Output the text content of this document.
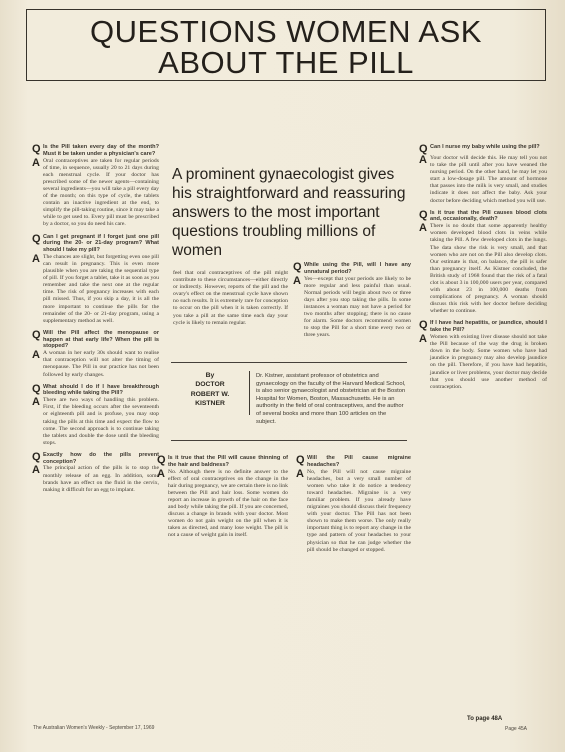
QUESTIONS WOMEN ASK
ABOUT THE PILL
A prominent gynaecologist gives his straightforward and reassuring answers to the most important questions troubling millions of women
Q Is the Pill taken every day of the month? Must it be taken under a physician's care?
A Oral contraceptives are taken for regular periods of time, in sequence, usually 20 to 21 days during each menstrual cycle. If your doctor has prescribed some of the newer agents—containing several ingredients—you will take a pill every day of the month; on this type of cycle, the tablets contain an inactive ingredient at the end, to simplify the pill-taking routine, since it may take a while to get used to. Every pill must be prescribed by a doctor, so you do need his care.
Q Can I get pregnant if I forget just one pill during the 20- or 21-day program? What should I take my pill?
A The chances are slight, but forgetting even one pill can result in pregnancy. This is even more plausible when you are taking the sequential type of pill. If you forget a tablet, take it as soon as you remember and take the next one at the regular time. The risk of pregnancy increases with each pill missed. Thus, if you skip a day, it is all the more important to continue the pills for the remainder of the 20- or 21-day program, using a supplementary method as well.
Q Will the Pill affect the menopause or happen at that early life? When the pill is stopped?
A A woman in her early 30s should want to realise that contraception will not alter the timing of menopause. The Pill in our practice has not been followed by early changes.
Q What should I do if I have breakthrough bleeding while taking the Pill?
A There are two ways of handling this problem. First, if the bleeding occurs after the seventeenth or eighteenth pill and is profuse, you may stop taking the pills at this time and expect the flow to come. The second approach is to continue taking the tablets and double the dose until the bleeding stops.
Q Exactly how do the pills prevent conception?
A The principal action of the pills is to stop the monthly release of an egg. In addition, some brands have an effect on the fluid in the cervix, making it difficult for an egg to implant.
feel that oral contraceptives of the pill might contribute to these circumstances—either directly or indirectly. However, reports of the pill and the ovary's effect on the menstrual cycle have shown no such results. It is extremely rare for conception to occur on the pill when it is taken correctly. If you take a pill at the same time each day your cycle is likely to remain regular.
Q While using the Pill, will I have any unnatural period?
A Yes—except that your periods are likely to be more regular and less painful than usual. Normal periods will begin about two or three days after you stop taking the pills. In some instances a woman may not have a period for two months after stopping; there is no cause for alarm. Some doctors recommend women to stop the Pill for a short time every two or three years.
By
DOCTOR
ROBERT W.
KISTNER
Dr. Kistner, assistant professor of obstetrics and gynaecology on the faculty of the Harvard Medical School, is also senior gynaecologist and obstetrician at the Boston Hospital for Women, Boston, Massachusetts. He is an authority in the field of oral contraceptives, and the author of several books and more than 100 articles on the subject.
Q Is it true that the Pill will cause thinning of the hair and baldness?
A No. Although there is no definite answer to the effect of oral contraceptives on the change in the hair during pregnancy, we are certain there is no link between the Pill and hair loss. Some women do report an increase in growth of the hair on the face and body while taking the pill. If you are concerned, discuss a change in brands with your doctor. Most women do not gain weight on the pill when it is taken as directed, and many lose weight. The pill is not a cause of weight gain in itself.
Q Will the Pill cause migraine headaches?
A No, the Pill will not cause migraine headaches, but a very small number of women who take it do notice a tendency toward headaches. Migraine is a very familiar problem. If you already have migraines you should discuss their frequency with your doctor. The Pill has not been shown to make them worse. The only really important thing is to report any change in the type and pattern of your headaches to your physician so that he can judge whether the pill should be changed or stopped.
Q Can I nurse my baby while using the pill?
A Your doctor will decide this. He may tell you not to take the pill until after you have weaned the nursing period. On the other hand, he may let you start a low-dosage pill. The amount of hormone that passes into the milk is very small, and studies indicate it does not affect the baby. Ask your doctor before deciding which method you will use.
Q Is it true that the Pill causes blood clots and, occasionally, death?
A There is no doubt that some apparently healthy women developed blood clots in veins while taking the Pill. A few developed clots in the lungs. The data show the risk is very small, and that women who are not on the Pill also develop clots. Our estimate is that, on balance, the pill is safer than pregnancy itself. As Kistner concluded, the British study of 1968 found that the risk of a fatal clot is about 3 in 100,000 users per year, compared with about 23 in 100,000 deaths from complications of pregnancy. A woman should discuss this risk with her doctor before deciding whether to continue.
Q If I have had hepatitis, or jaundice, should I take the Pill?
A Women with existing liver disease should not take the Pill because of the way the drug is broken down in the body. Some women who have had jaundice in pregnancy may also develop jaundice on the pill. Therefore, if you have had hepatitis, jaundice or liver problems, your doctor may decide that you should use another method of contraception.
To page 48A
The Australian Women's Weekly - September 17, 1969	Page 45A
